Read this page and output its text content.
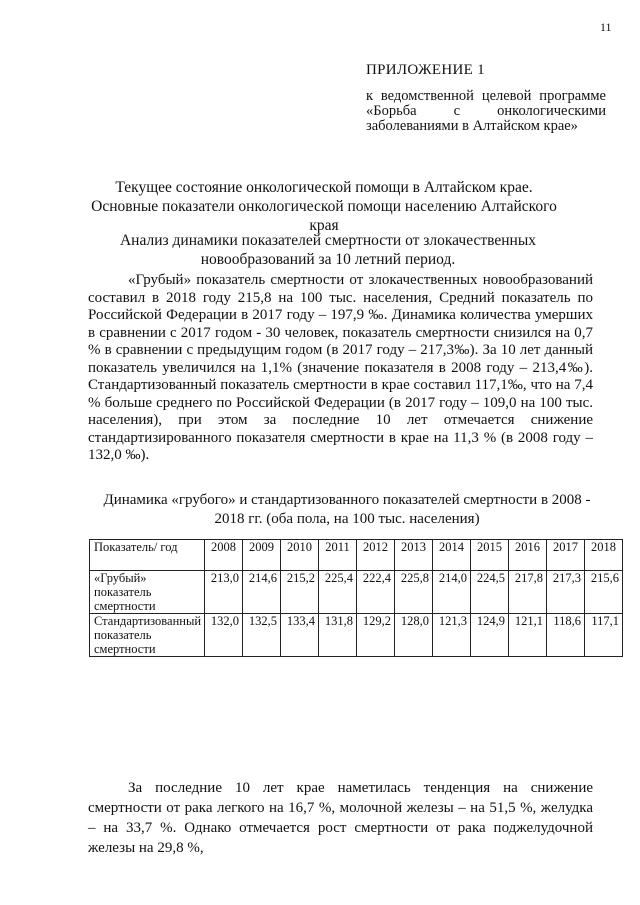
11
ПРИЛОЖЕНИЕ 1
к ведомственной целевой программе «Борьба с онкологическими заболеваниями в Алтайском крае»
Текущее состояние онкологической помощи в Алтайском крае. Основные показатели онкологической помощи населению Алтайского края
Анализ динамики показателей смертности от злокачественных новообразований за 10 летний период.
«Грубый» показатель смертности от злокачественных новообразований составил в 2018 году 215,8 на 100 тыс. населения, Средний показатель по Российской Федерации в 2017 году – 197,9 ‰. Динамика количества умерших в сравнении с 2017 годом - 30 человек, показатель смертности снизился на 0,7 % в сравнении с предыдущим годом (в 2017 году – 217,3‰). За 10 лет данный показатель увеличился на 1,1% (значение показателя в 2008 году – 213,4‰). Стандартизованный показатель смертности в крае составил 117,1‰, что на 7,4 % больше среднего по Российской Федерации (в 2017 году – 109,0 на 100 тыс. населения), при этом за последние 10 лет отмечается снижение стандартизированного показателя смертности в крае на 11,3 % (в 2008 году – 132,0 ‰).
Динамика «грубого» и стандартизованного показателей смертности в 2008 - 2018 гг. (оба пола, на 100 тыс. населения)
Показатель/ год	2008	2009	2010	2011	2012	2013	2014	2015	2016	2017	2018
«Грубый» показатель смертности	213,0	214,6	215,2	225,4	222,4	225,8	214,0	224,5	217,8	217,3	215,6
Стандартизованный показатель смертности	132,0	132,5	133,4	131,8	129,2	128,0	121,3	124,9	121,1	118,6	117,1
За последние 10 лет крае наметилась тенденция на снижение смертности от рака легкого на 16,7 %, молочной железы – на 51,5 %, желудка – на 33,7 %. Однако отмечается рост смертности от рака поджелудочной железы на 29,8 %,
